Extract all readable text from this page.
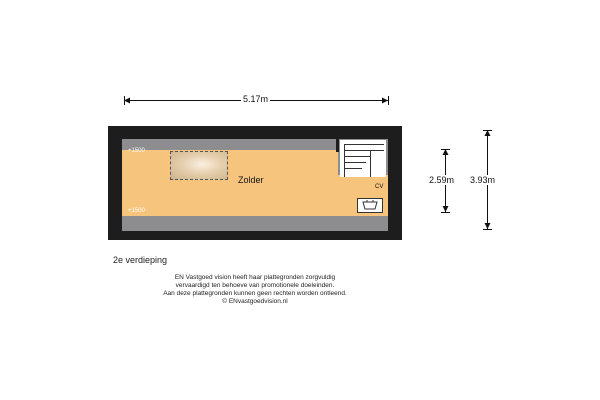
5.17m
+1500
+1500
Zolder
CV
2.59m 3.93m
2e verdieping
EN Vastgoed vision heeft haar plattegronden zorgvuldig
vervaardigd ten behoeve van promotionele doeleinden.
Aan deze plattegronden kunnen geen rechten worden ontleend.
© ENvastgoedvision.nl
